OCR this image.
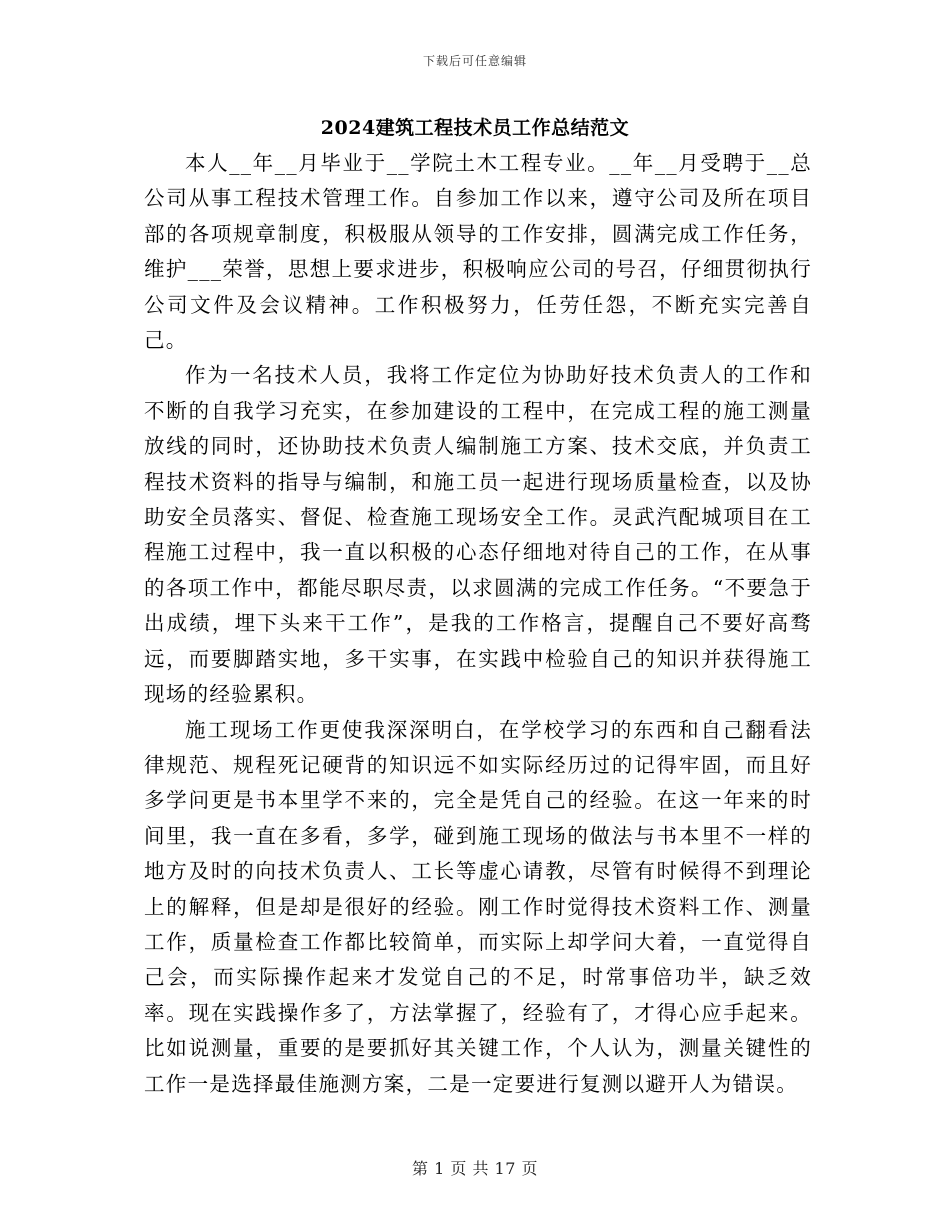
下载后可任意编辑
2024建筑工程技术员工作总结范文

本人__年__月毕业于__学院土木工程专业。__年__月受聘于__总公司从事工程技术管理工作。自参加工作以来，遵守公司及所在项目部的各项规章制度，积极服从领导的工作安排，圆满完成工作任务，维护___荣誉，思想上要求进步，积极响应公司的号召，仔细贯彻执行公司文件及会议精神。工作积极努力，任劳任怨，不断充实完善自己。

作为一名技术人员，我将工作定位为协助好技术负责人的工作和不断的自我学习充实，在参加建设的工程中，在完成工程的施工测量放线的同时，还协助技术负责人编制施工方案、技术交底，并负责工程技术资料的指导与编制，和施工员一起进行现场质量检查，以及协助安全员落实、督促、检查施工现场安全工作。灵武汽配城项目在工程施工过程中，我一直以积极的心态仔细地对待自己的工作，在从事的各项工作中，都能尽职尽责，以求圆满的完成工作任务。“不要急于出成绩，埋下头来干工作”，是我的工作格言，提醒自己不要好高骛远，而要脚踏实地，多干实事，在实践中检验自己的知识并获得施工现场的经验累积。

施工现场工作更使我深深明白，在学校学习的东西和自己翻看法律规范、规程死记硬背的知识远不如实际经历过的记得牢固，而且好多学问更是书本里学不来的，完全是凭自己的经验。在这一年来的时间里，我一直在多看，多学，碰到施工现场的做法与书本里不一样的地方及时的向技术负责人、工长等虚心请教，尽管有时候得不到理论上的解释，但是却是很好的经验。刚工作时觉得技术资料工作、测量工作，质量检查工作都比较简单，而实际上却学问大着，一直觉得自己会，而实际操作起来才发觉自己的不足，时常事倍功半，缺乏效率。现在实践操作多了，方法掌握了，经验有了，才得心应手起来。比如说测量，重要的是要抓好其关键工作，个人认为，测量关键性的工作一是选择最佳施测方案，二是一定要进行复测以避开人为错误。

第 1 页 共 17 页
